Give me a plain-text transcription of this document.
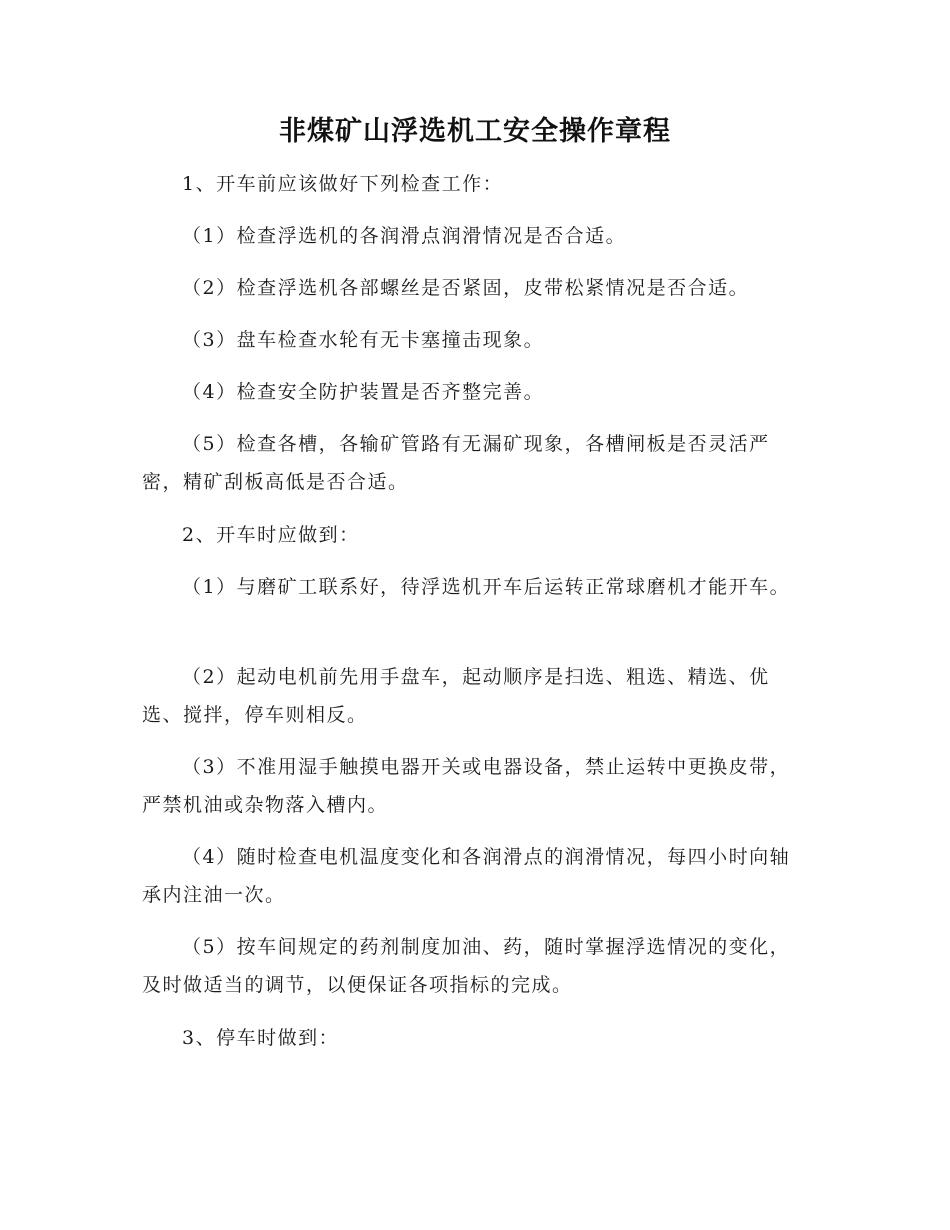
非煤矿山浮选机工安全操作章程

1、开车前应该做好下列检查工作：

（1）检查浮选机的各润滑点润滑情况是否合适。

（2）检查浮选机各部螺丝是否紧固，皮带松紧情况是否合适。

（3）盘车检查水轮有无卡塞撞击现象。

（4）检查安全防护装置是否齐整完善。

（5）检查各槽，各输矿管路有无漏矿现象，各槽闸板是否灵活严密，精矿刮板高低是否合适。

2、开车时应做到：

（1）与磨矿工联系好，待浮选机开车后运转正常球磨机才能开车。

（2）起动电机前先用手盘车，起动顺序是扫选、粗选、精选、优选、搅拌，停车则相反。

（3）不准用湿手触摸电器开关或电器设备，禁止运转中更换皮带，严禁机油或杂物落入槽内。

（4）随时检查电机温度变化和各润滑点的润滑情况，每四小时向轴承内注油一次。

（5）按车间规定的药剂制度加油、药，随时掌握浮选情况的变化，及时做适当的调节，以便保证各项指标的完成。

3、停车时做到：
